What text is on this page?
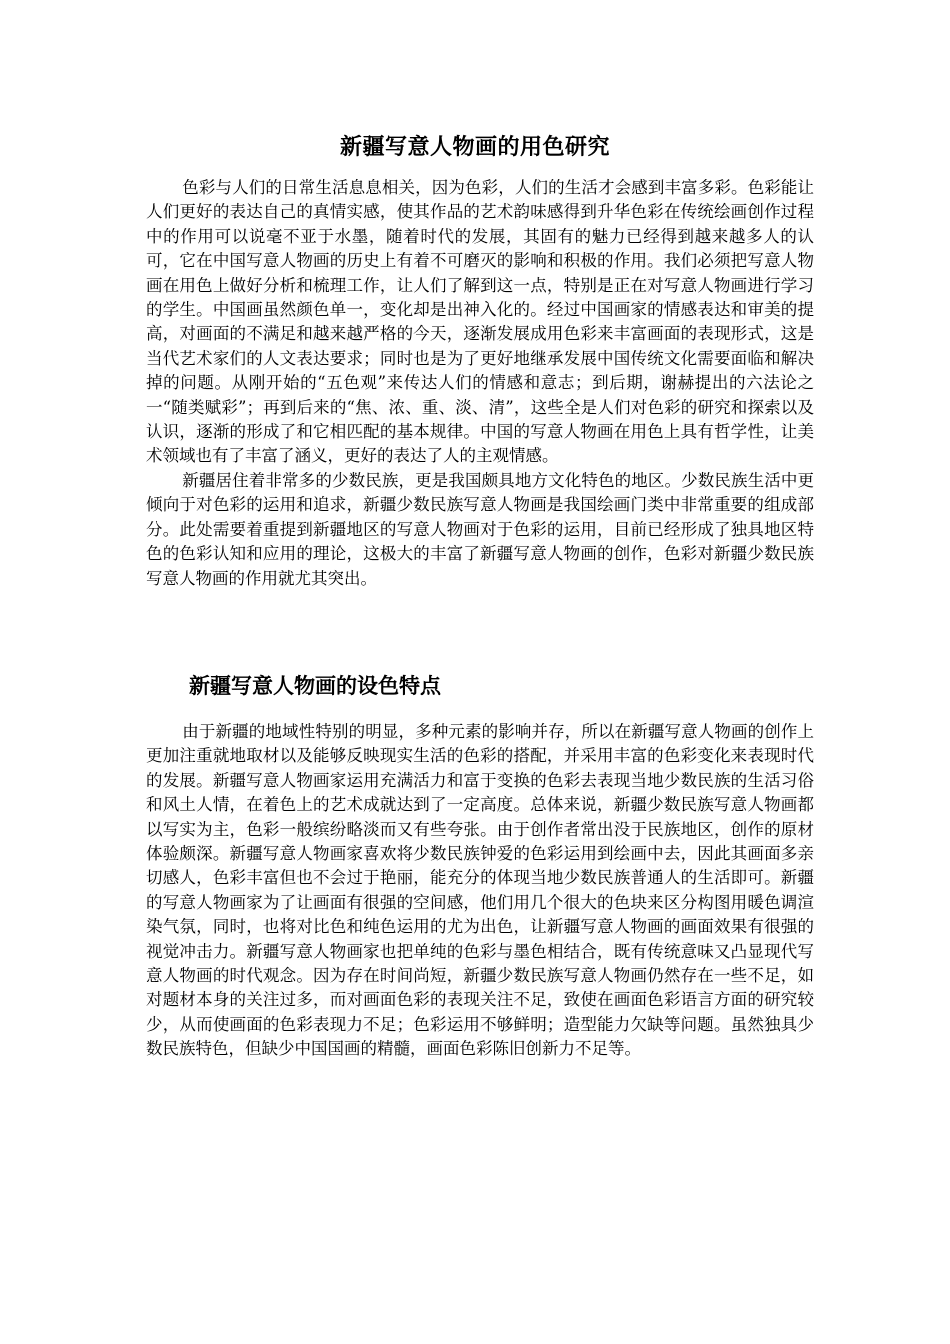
新疆写意人物画的用色研究

色彩与人们的日常生活息息相关，因为色彩，人们的生活才会感到丰富多彩。色彩能让人们更好的表达自己的真情实感，使其作品的艺术韵味感得到升华色彩在传统绘画创作过程中的作用可以说毫不亚于水墨，随着时代的发展，其固有的魅力已经得到越来越多人的认可，它在中国写意人物画的历史上有着不可磨灭的影响和积极的作用。我们必须把写意人物画在用色上做好分析和梳理工作，让人们了解到这一点，特别是正在对写意人物画进行学习的学生。中国画虽然颜色单一，变化却是出神入化的。经过中国画家的情感表达和审美的提高，对画面的不满足和越来越严格的今天，逐渐发展成用色彩来丰富画面的表现形式，这是当代艺术家们的人文表达要求；同时也是为了更好地继承发展中国传统文化需要面临和解决掉的问题。从刚开始的“五色观”来传达人们的情感和意志；到后期，谢赫提出的六法论之一“随类赋彩”；再到后来的“焦、浓、重、淡、清”，这些全是人们对色彩的研究和探索以及认识，逐渐的形成了和它相匹配的基本规律。中国的写意人物画在用色上具有哲学性，让美术领域也有了丰富了涵义，更好的表达了人的主观情感。

新疆居住着非常多的少数民族，更是我国颇具地方文化特色的地区。少数民族生活中更倾向于对色彩的运用和追求，新疆少数民族写意人物画是我国绘画门类中非常重要的组成部分。此处需要着重提到新疆地区的写意人物画对于色彩的运用，目前已经形成了独具地区特色的色彩认知和应用的理论，这极大的丰富了新疆写意人物画的创作，色彩对新疆少数民族写意人物画的作用就尤其突出。

新疆写意人物画的设色特点

由于新疆的地域性特别的明显，多种元素的影响并存，所以在新疆写意人物画的创作上更加注重就地取材以及能够反映现实生活的色彩的搭配，并采用丰富的色彩变化来表现时代的发展。新疆写意人物画家运用充满活力和富于变换的色彩去表现当地少数民族的生活习俗和风土人情，在着色上的艺术成就达到了一定高度。总体来说，新疆少数民族写意人物画都以写实为主，色彩一般缤纷略淡而又有些夸张。由于创作者常出没于民族地区，创作的原材体验颇深。新疆写意人物画家喜欢将少数民族钟爱的色彩运用到绘画中去，因此其画面多亲切感人，色彩丰富但也不会过于艳丽，能充分的体现当地少数民族普通人的生活即可。新疆的写意人物画家为了让画面有很强的空间感，他们用几个很大的色块来区分构图用暖色调渲染气氛，同时，也将对比色和纯色运用的尤为出色，让新疆写意人物画的画面效果有很强的视觉冲击力。新疆写意人物画家也把单纯的色彩与墨色相结合，既有传统意味又凸显现代写意人物画的时代观念。因为存在时间尚短，新疆少数民族写意人物画仍然存在一些不足，如对题材本身的关注过多，而对画面色彩的表现关注不足，致使在画面色彩语言方面的研究较少，从而使画面的色彩表现力不足；色彩运用不够鲜明；造型能力欠缺等问题。虽然独具少数民族特色，但缺少中国国画的精髓，画面色彩陈旧创新力不足等。
